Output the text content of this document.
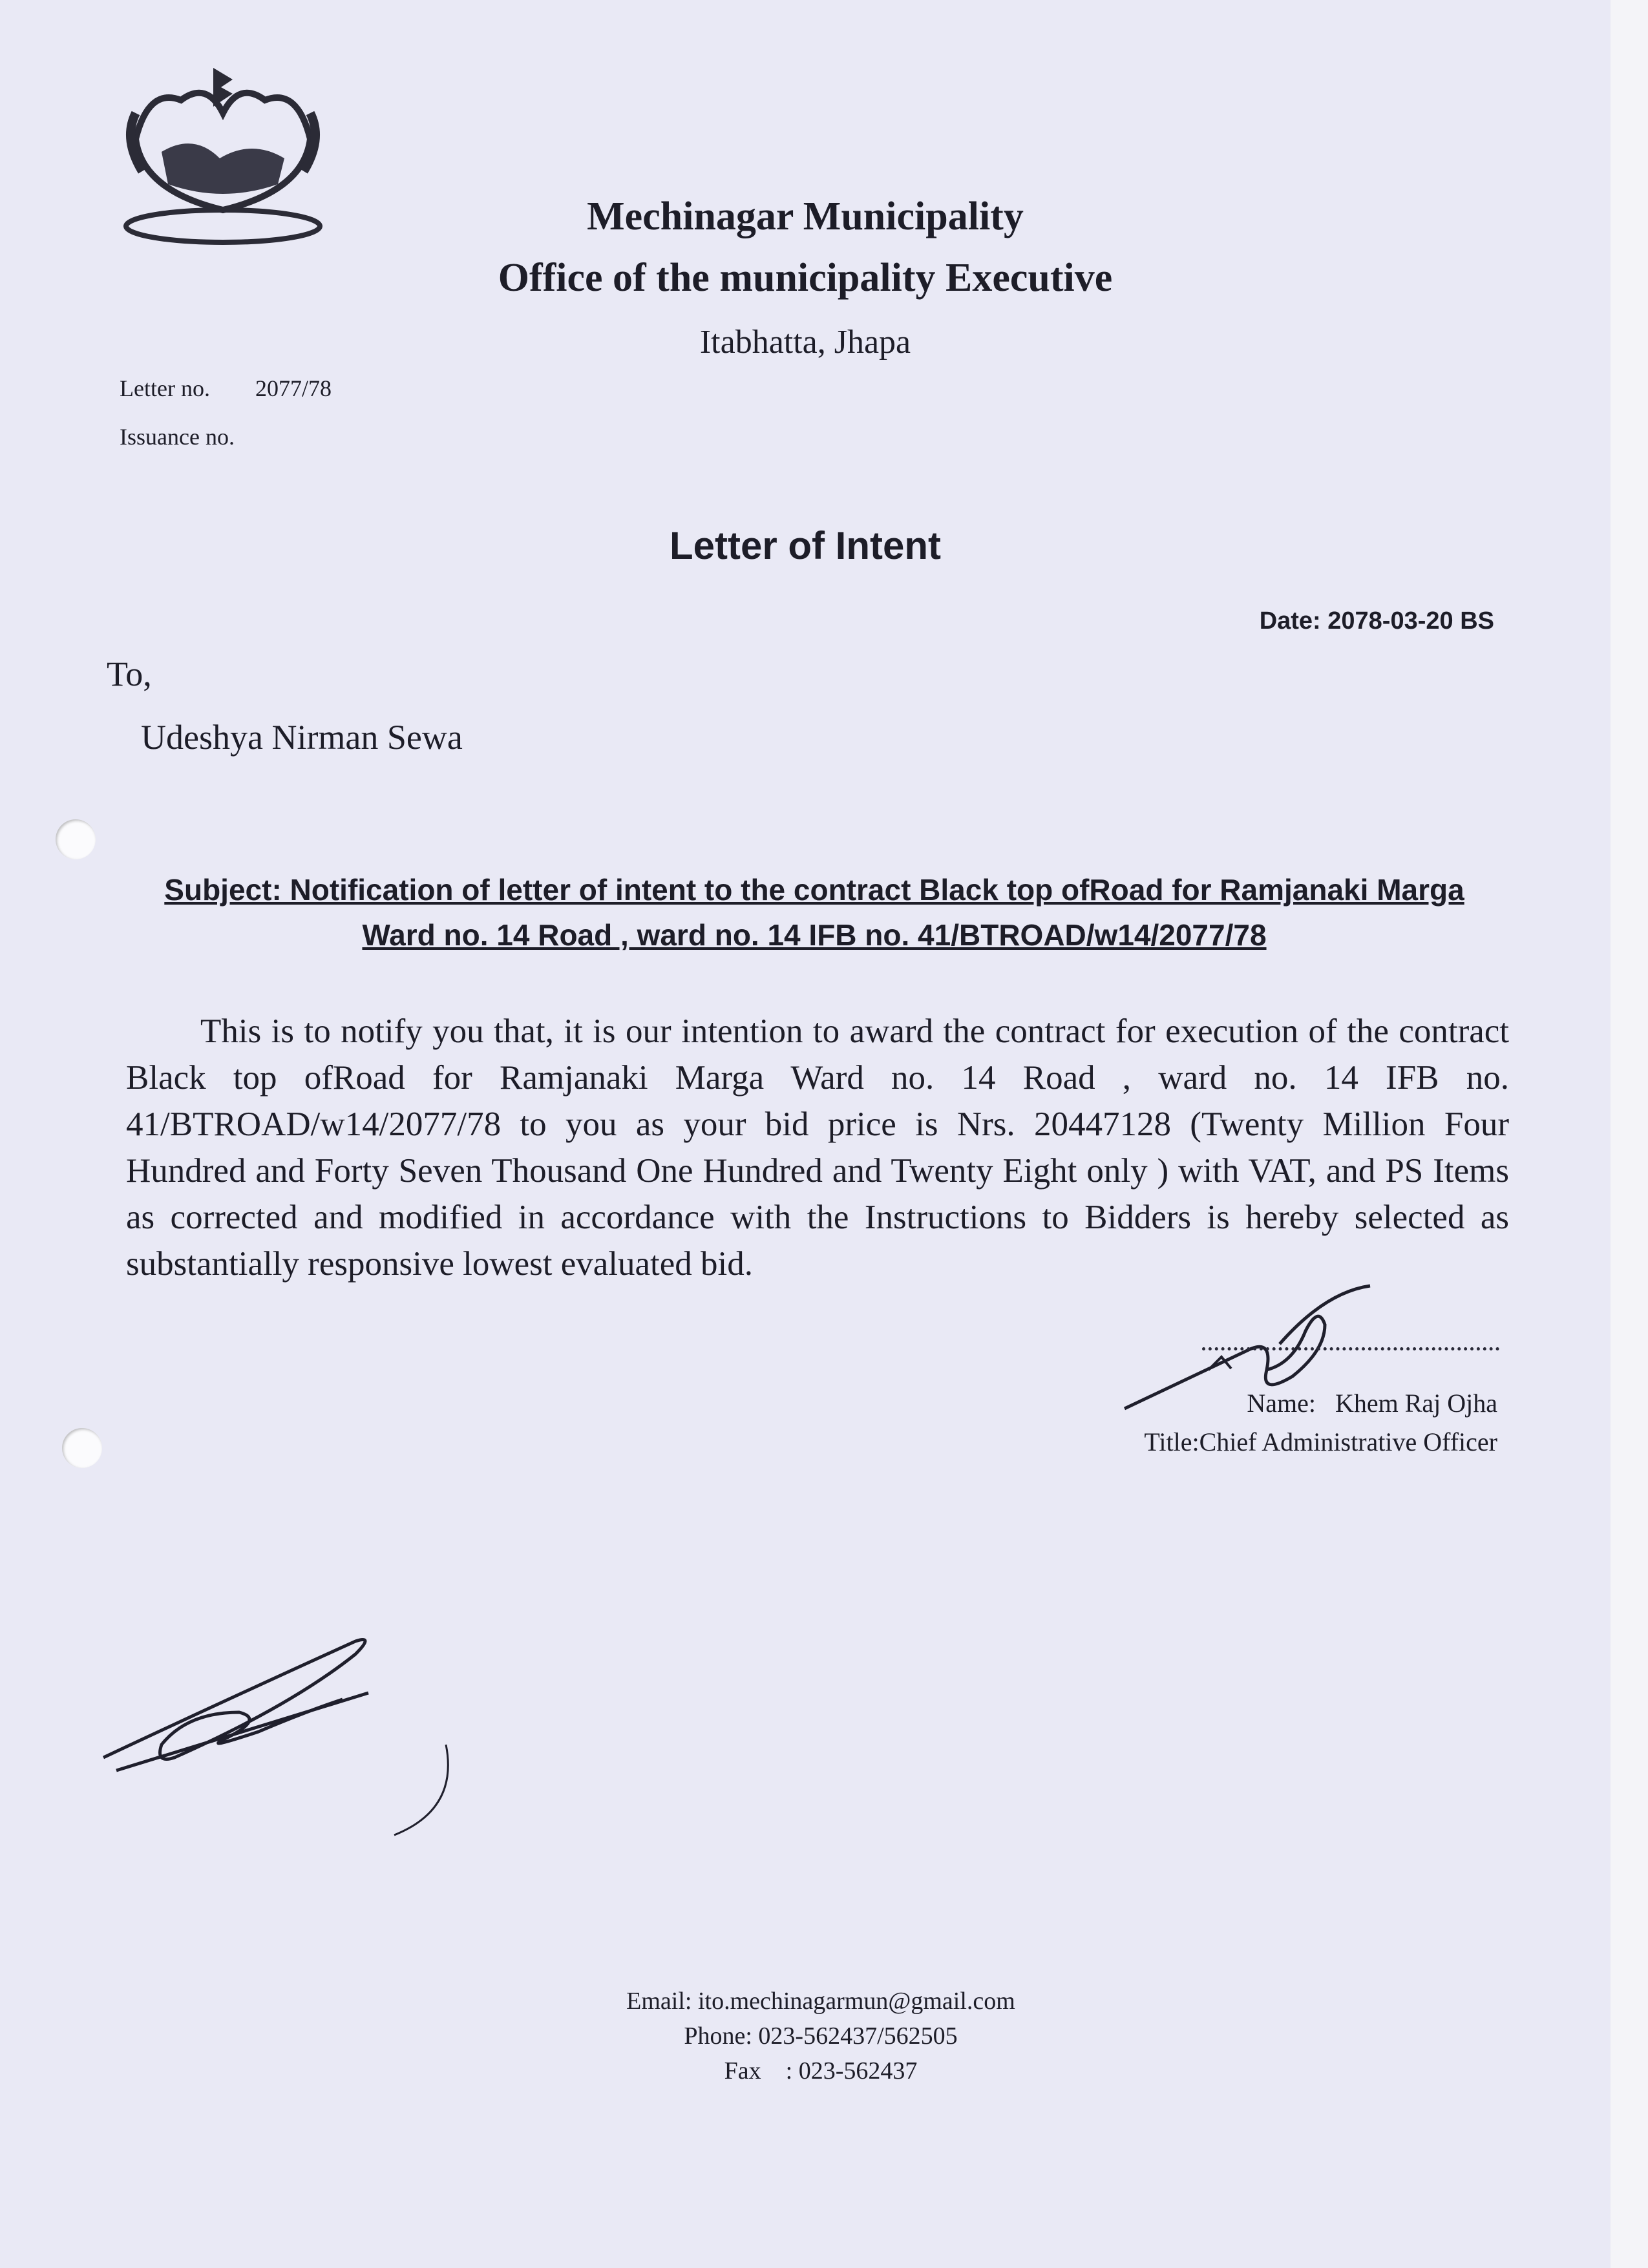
Mechinagar Municipality
Office of the municipality Executive
Itabhatta, Jhapa
Letter no. 2077/78
Issuance no.
Letter of Intent
Date: 2078-03-20 BS
To,
Udeshya Nirman Sewa
Subject: Notification of letter of intent to the contract Black top ofRoad for Ramjanaki Marga Ward no. 14 Road , ward no. 14 IFB no. 41/BTROAD/w14/2077/78
This is to notify you that, it is our intention to award the contract for execution of the contract Black top ofRoad for Ramjanaki Marga Ward no. 14 Road , ward no. 14 IFB no. 41/BTROAD/w14/2077/78 to you as your bid price is Nrs. 20447128 (Twenty Million Four Hundred and Forty Seven Thousand One Hundred and Twenty Eight only ) with VAT, and PS Items as corrected and modified in accordance with the Instructions to Bidders is hereby selected as substantially responsive lowest evaluated bid.
Name: Khem Raj Ojha
Title:Chief Administrative Officer
Email: ito.mechinagarmun@gmail.com
Phone: 023-562437/562505
Fax    : 023-562437
